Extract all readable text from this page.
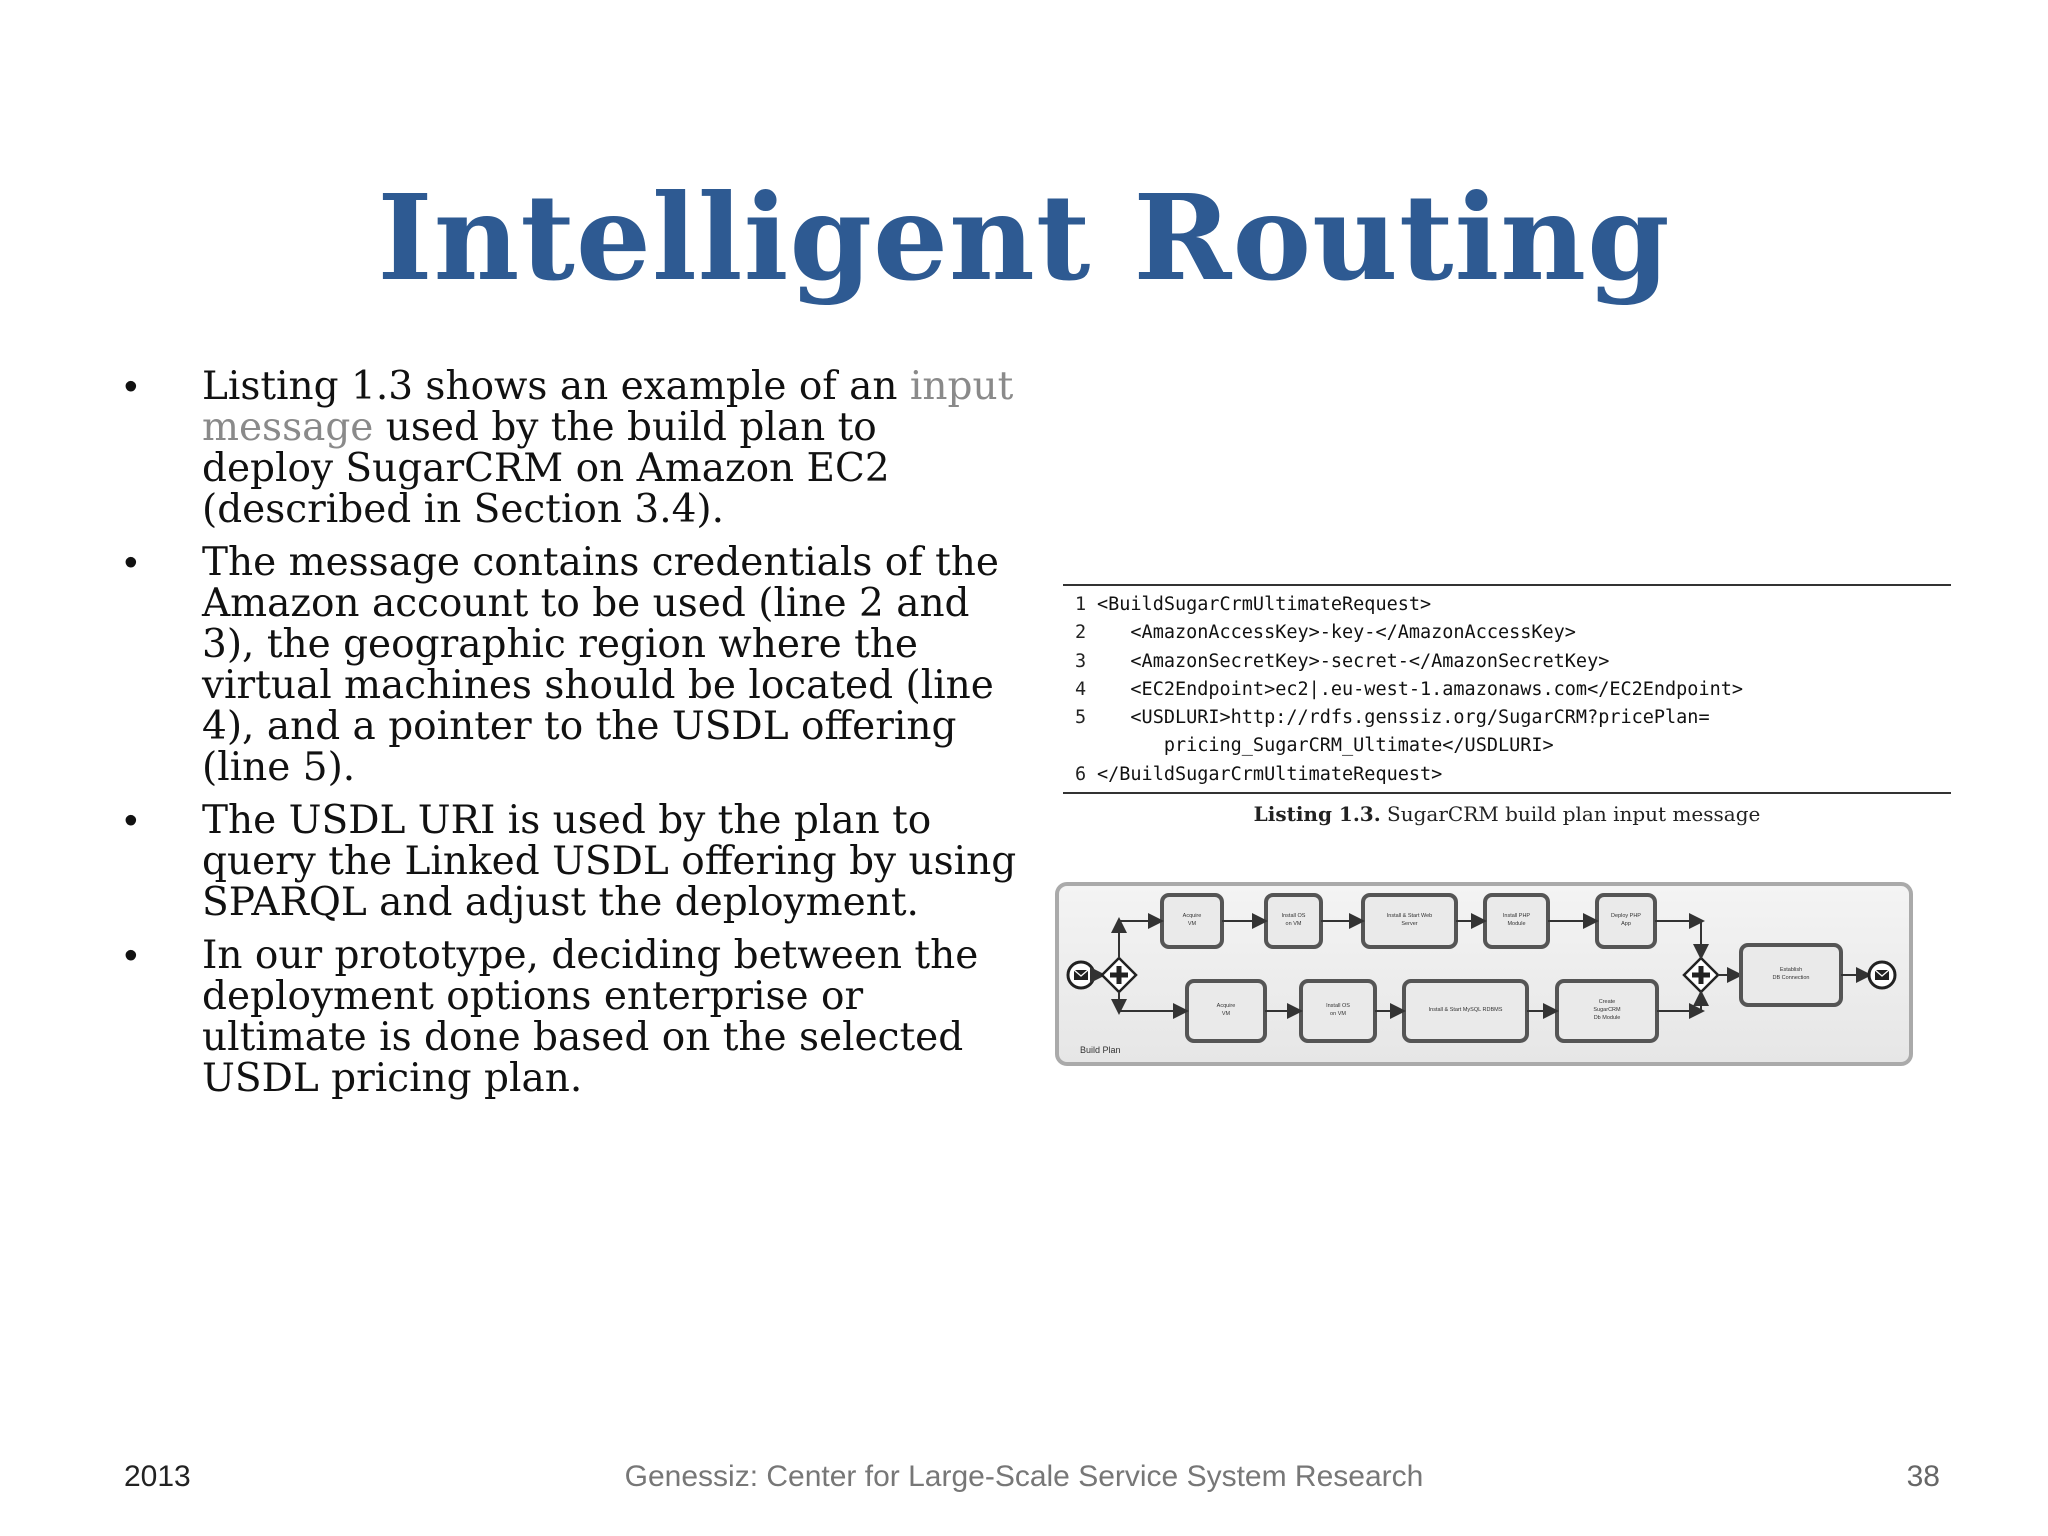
Intelligent Routing
• Listing 1.3 shows an example of an input message used by the build plan to deploy SugarCRM on Amazon EC2 (described in Section 3.4).
• The message contains credentials of the Amazon account to be used (line 2 and 3), the geographic region where the virtual machines should be located (line 4), and a pointer to the USDL offering (line 5).
• The USDL URI is used by the plan to query the Linked USDL offering by using SPARQL and adjust the deployment.
• In our prototype, deciding between the deployment options enterprise or ultimate is done based on the selected USDL pricing plan.
1 <BuildSugarCrmUltimateRequest>
2   <AmazonAccessKey>-key-</AmazonAccessKey>
3   <AmazonSecretKey>-secret-</AmazonSecretKey>
4   <EC2Endpoint>ec2|.eu-west-1.amazonaws.com</EC2Endpoint>
5   <USDLURI>http://rdfs.genssiz.org/SugarCRM?pricePlan=
pricing_SugarCRM_Ultimate</USDLURI>
6 </BuildSugarCrmUltimateRequest>
Listing 1.3. SugarCRM build plan input message
Build Plan
Acquire
VM
Install OS
on VM
Install & Start Web
Server
Install PHP
Module
Deploy PHP
App
Acquire
VM
Install OS
on VM
Install & Start MySQL RDBMS
Create
SugarCRM
Db Module
Establish
DB Connection
2013	Genessiz: Center for Large-Scale Service System Research	38
